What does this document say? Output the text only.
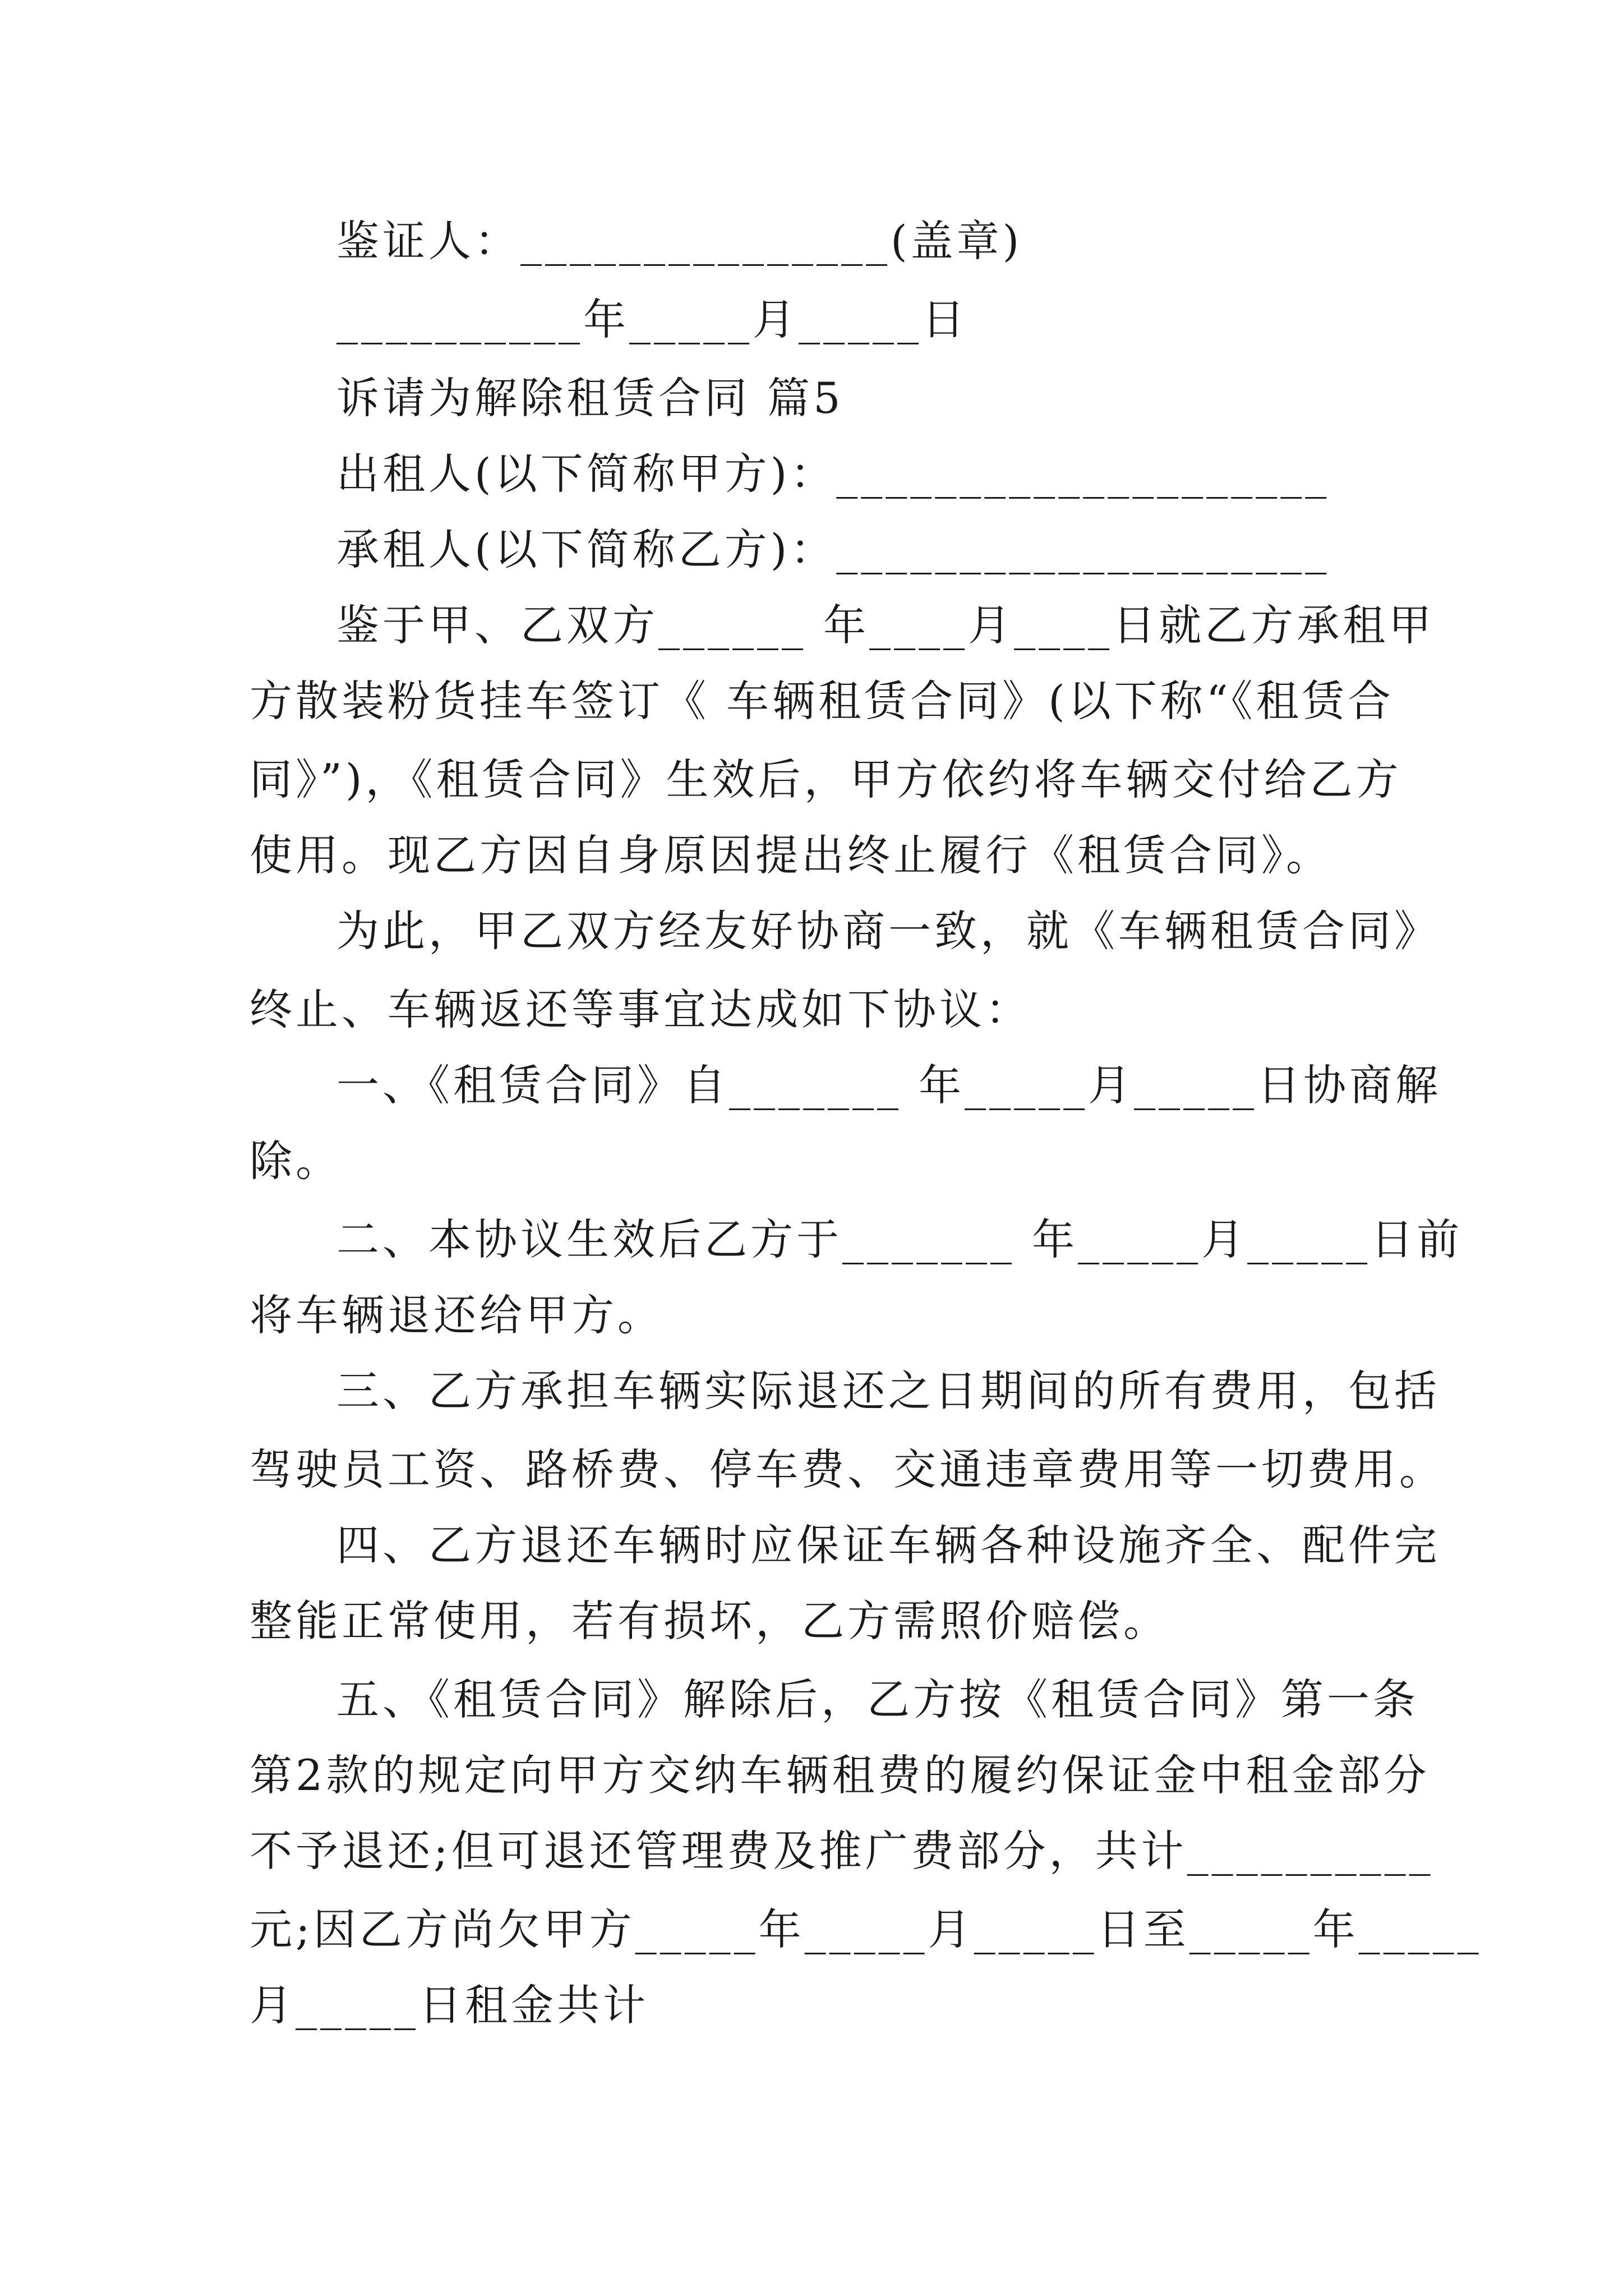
鉴证人：_______________(盖章)
__________年_____月_____日
诉请为解除租赁合同 篇5
出租人(以下简称甲方)：____________________
承租人(以下简称乙方)：____________________
鉴于甲、乙双方______ 年____月____日就乙方承租甲
方散装粉货挂车签订《 车辆租赁合同》(以下称“《租赁合
同》”)，《租赁合同》生效后，甲方依约将车辆交付给乙方
使用。现乙方因自身原因提出终止履行《租赁合同》。
为此，甲乙双方经友好协商一致，就《车辆租赁合同》
终止、车辆返还等事宜达成如下协议：
一、《租赁合同》自_______ 年_____月_____日协商解
除。
二、本协议生效后乙方于_______ 年_____月_____日前
将车辆退还给甲方。
三、乙方承担车辆实际退还之日期间的所有费用，包括
驾驶员工资、路桥费、停车费、交通违章费用等一切费用。
四、乙方退还车辆时应保证车辆各种设施齐全、配件完
整能正常使用，若有损坏，乙方需照价赔偿。
五、《租赁合同》解除后，乙方按《租赁合同》第一条
第2款的规定向甲方交纳车辆租费的履约保证金中租金部分
不予退还;但可退还管理费及推广费部分，共计__________
元;因乙方尚欠甲方_____年_____月_____日至_____年_____
月_____日租金共计
